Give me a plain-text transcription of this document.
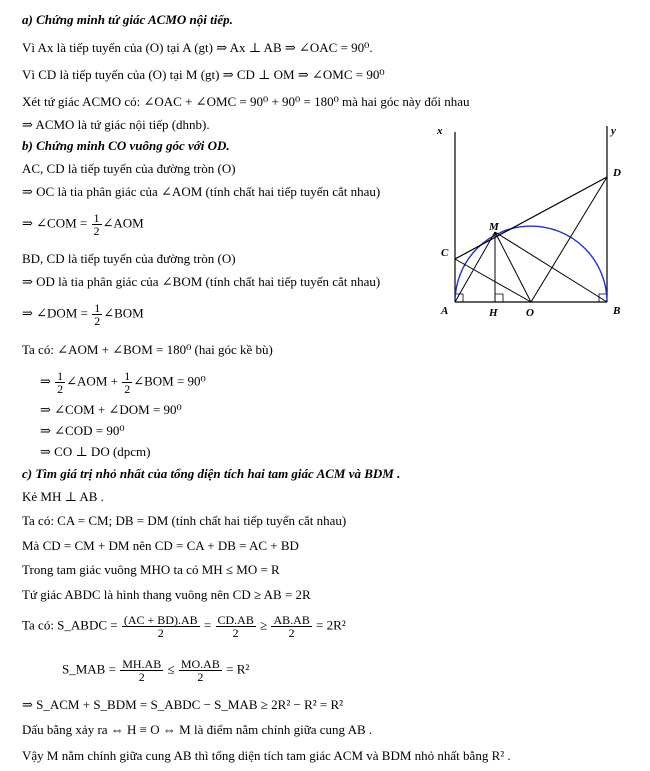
a) Chứng minh tứ giác ACMO nội tiếp.
Vì Ax là tiếp tuyến của (O) tại A (gt) ⇒ Ax ⊥ AB ⇒ ∠OAC = 90⁰.
Vì CD là tiếp tuyến của (O) tại M (gt) ⇒ CD ⊥ OM ⇒ ∠OMC = 90⁰
Xét tứ giác ACMO có: ∠OAC + ∠OMC = 90⁰ + 90⁰ = 180⁰ mà hai góc này đối nhau
⇒ ACMO là tứ giác nội tiếp (dhnb).
b) Chứng minh CO vuông góc với OD.
AC, CD là tiếp tuyến của đường tròn (O)
⇒ OC là tia phân giác của ∠AOM (tính chất hai tiếp tuyến cắt nhau)
BD, CD là tiếp tuyến của đường tròn (O)
⇒ OD là tia phân giác của ∠BOM (tính chất hai tiếp tuyến cắt nhau)
Ta có: ∠AOM + ∠BOM = 180⁰ (hai góc kề bù)
⇒ ∠COM + ∠DOM = 90⁰
⇒ ∠COD = 90⁰
⇒ CO ⊥ DO (dpcm)
c) Tìm giá trị nhỏ nhất của tổng diện tích hai tam giác ACM và BDM .
Kẻ MH ⊥ AB .
Ta có: CA = CM; DB = DM (tính chất hai tiếp tuyến cắt nhau)
Mà CD = CM + DM nên CD = CA + DB = AC + BD
Trong tam giác vuông MHO ta có MH ≤ MO = R
Tứ giác ABDC là hình thang vuông nên CD ≥ AB = 2R
⇒ S_ACM + S_BDM = S_ABDC − S_MAB ≥ 2R² − R² = R²
Dấu bằng xảy ra ⇔ H ≡ O ⇔ M là điểm nằm chính giữa cung AB .
Vậy M nằm chính giữa cung AB thì tổng diện tích tam giác ACM và BDM nhỏ nhất bằng R² .
⇒ ∠COM = $\frac{1}{2}$ ∠AOM
⇒ ∠DOM = $\frac{1}{2}$ ∠BOM
⇒ $\frac{1}{2}$ ∠AOM + $\frac{1}{2}$ ∠BOM = 90⁰
Ta có: S_ABDC = $\frac{(AC + BD).AB}{2} = \frac{CD.AB}{2} \ge \frac{AB.AB}{2} = 2R^2$
S_MAB = $\frac{MH.AB}{2} \le \frac{MO.AB}{2} = R^2$
x	y
C
D
M
A	H	O	B
